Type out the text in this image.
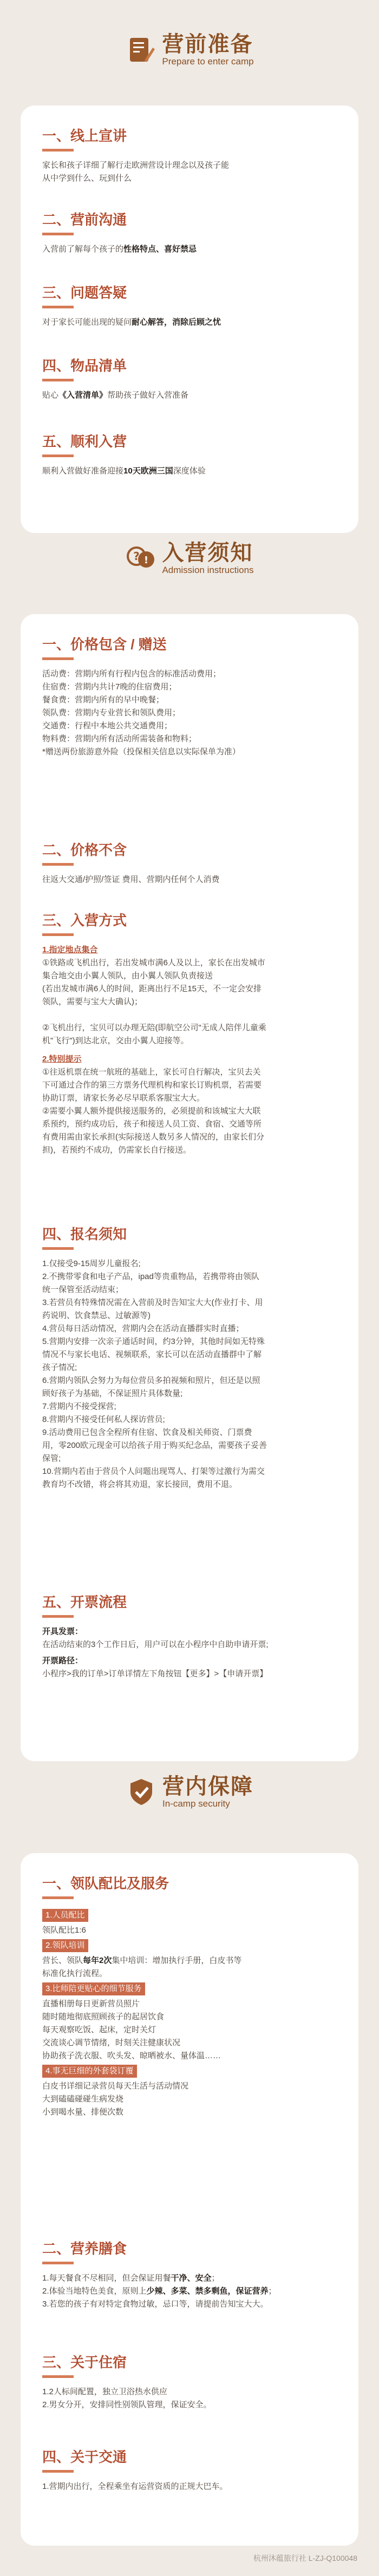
营前准备
Prepare to enter camp
一、线上宣讲

家长和孩子详细了解行走欧洲营设计理念以及孩子能

从中学到什么、玩到什么

二、营前沟通

入营前了解每个孩子的性格特点、喜好禁忌

三、问题答疑

对于家长可能出现的疑问耐心解答，消除后顾之忧

四、物品清单

贴心《入营清单》帮助孩子做好入营准备

五、顺利入营

顺利入营做好准备迎接10天欧洲三国深度体验

? ! 入营须知
Admission instructions
一、价格包含 / 赠送

活动费：营期内所有行程内包含的标准活动费用；

住宿费：营期内共计7晚的住宿费用；

餐食费：营期内所有的早中晚餐；

领队费：营期内专业营长和领队费用；

交通费：行程中本地公共交通费用；

物料费：营期内所有活动所需装备和物料；

*赠送两份旅游意外险（投保相关信息以实际保单为准）

二、价格不含

往返大交通/护照/签证 费用、营期内任何个人消费

三、入营方式

1.指定地点集合

①铁路或飞机出行，若出发城市满6人及以上，家长在出发城市

集合地交由小翼人领队，由小翼人领队负责接送

(若出发城市满6人的时间，距离出行不足15天，不一定会安排

领队，需要与宝大大确认)；

②飞机出行，宝贝可以办理无陪(即航空公司"无成人陪伴儿童乘

机"飞行")到达北京，交由小翼人迎接等。

2.特别提示

①往返机票在统一航班的基础上，家长可自行解决，宝贝去关

下可通过合作的第三方票务代理机构和家长订购机票，若需要

协助订票，请家长务必尽早联系客服宝大大。

②需要小翼人额外提供接送服务的，必须提前和该城宝大大联

系预约，预约成功后，孩子和接送人员工资、食宿、交通等所

有费用需由家长承担(实际接送人数另多人情况的，由家长们分

担)，若预约不成功，仍需家长自行接送。

四、报名须知

1.仅接受9-15周岁儿童报名;

2.不携带零食和电子产品，ipad等贵重物品，若携带将由领队

统一保管至活动结束；

3.若营员有特殊情况需在入营前及时告知宝大大(作业打卡、用

药说明、饮食禁忌、过敏源等)

4.营员每日活动情况，营期内会在活动直播群实时直播；

5.营期内安排一次亲子通话时间，约3分钟，其他时间如无特殊

情况不与家长电话、视频联系，家长可以在活动直播群中了解

孩子情况;

6.营期内领队会努力为每位营员多拍视频和照片，但还是以照

顾好孩子为基础，不保证照片具体数量;

7.营期内不接受探营;

8.营期内不接受任何私人探访营员;

9.活动费用已包含全程所有住宿、饮食及相关师资、门票费

用，零200欧元现金可以给孩子用于购买纪念品，需要孩子妥善

保管;

10.营期内若由于营员个人问题出现骂人、打架等过激行为需交

教育均不改错，将会将其劝退，家长接回，费用不退。

五、开票流程

开具发票：

在活动结束的3个工作日后，用户可以在小程序中自助申请开票;

开票路径：

小程序>我的订单>订单详情左下角按钮【更多】>【申请开票】

营内保障
In-camp security
一、领队配比及服务
1.人员配比

领队配比1:6

2.领队培训

营长、领队每年2次集中培训：增加执行手册，白皮书等

标准化执行流程。

3.比师陪更贴心的细节服务

直播相册每日更新营员照片

随时随地彻底照顾孩子的起居饮食

每天观察吃饭、起床，定时关灯

交流谈心调节情绪，时刻关注健康状况

协助孩子洗衣服、吹头发、晾晒被水、量体温……

4.事无巨细的外套袋订覆

白皮书详细记录营员每天生活与活动情况

大到磕磕碰碰生病发烧

小到喝水量、排便次数

二、营养膳食

1.每天餐食不尽相同，但会保证用餐干净、安全；

2.体验当地特色美食，原则上少辣、多菜、禁多剩鱼，保证营养；

3.若您的孩子有对特定食物过敏，忌口等，请提前告知宝大大。

三、关于住宿

1.2人标间配置，独立卫浴热水供应

2.男女分开，安排同性别领队管理，保证安全。

四、关于交通

1.营期内出行，全程乘坐有运营资质的正规大巴车。

杭州沐蕴旅行社 L-ZJ-Q100048
